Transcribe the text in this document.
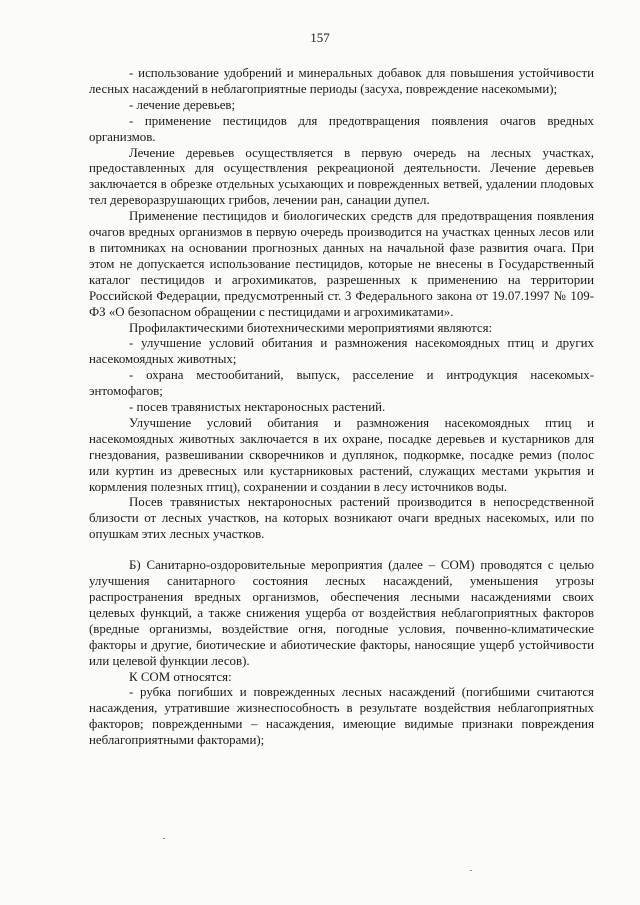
157

- использование удобрений и минеральных добавок для повышения устойчивости лесных насаждений в неблагоприятные периоды (засуха, повреждение насекомыми);

- лечение деревьев;

- применение пестицидов для предотвращения появления очагов вредных организмов.

Лечение деревьев осуществляется в первую очередь на лесных участках, предоставленных для осуществления рекреационой деятельности. Лечение деревьев заключается в обрезке отдельных усыхающих и поврежденных ветвей, удалении плодовых тел дереворазрушающих грибов, лечении ран, санации дупел.

Применение пестицидов и биологических средств для предотвращения появления очагов вредных организмов в первую очередь производится на участках ценных лесов или в питомниках на основании прогнозных данных на начальной фазе развития очага. При этом не допускается использование пестицидов, которые не внесены в Государственный каталог пестицидов и агрохимикатов, разрешенных к применению на территории Российской Федерации, предусмотренный ст. 3 Федерального закона от 19.07.1997 № 109-ФЗ «О безопасном обращении с пестицидами и агрохимикатами».

Профилактическими биотехническими мероприятиями являются:

- улучшение условий обитания и размножения насекомоядных птиц и других насекомоядных животных;

- охрана местообитаний, выпуск, расселение и интродукция насекомых-энтомофагов;

- посев травянистых нектароносных растений.

Улучшение условий обитания и размножения насекомоядных птиц и насекомоядных животных заключается в их охране, посадке деревьев и кустарников для гнездования, развешивании скворечников и дуплянок, подкормке, посадке ремиз (полос или куртин из древесных или кустарниковых растений, служащих местами укрытия и кормления полезных птиц), сохранении и создании в лесу источников воды.

Посев травянистых нектароносных растений производится в непосредственной близости от лесных участков, на которых возникают очаги вредных насекомых, или по опушкам этих лесных участков.

Б) Санитарно-оздоровительные мероприятия (далее – СОМ) проводятся с целью улучшения санитарного состояния лесных насаждений, уменьшения угрозы распространения вредных организмов, обеспечения лесными насаждениями своих целевых функций, а также снижения ущерба от воздействия неблагоприятных факторов (вредные организмы, воздействие огня, погодные условия, почвенно-климатические факторы и другие, биотические и абиотические факторы, наносящие ущерб устойчивости или целевой функции лесов).

К СОМ относятся:

- рубка погибших и поврежденных лесных насаждений (погибшими считаются насаждения, утратившие жизнеспособность в результате воздействия неблагоприятных факторов; поврежденными – насаждения, имеющие видимые признаки повреждения неблагоприятными факторами);
